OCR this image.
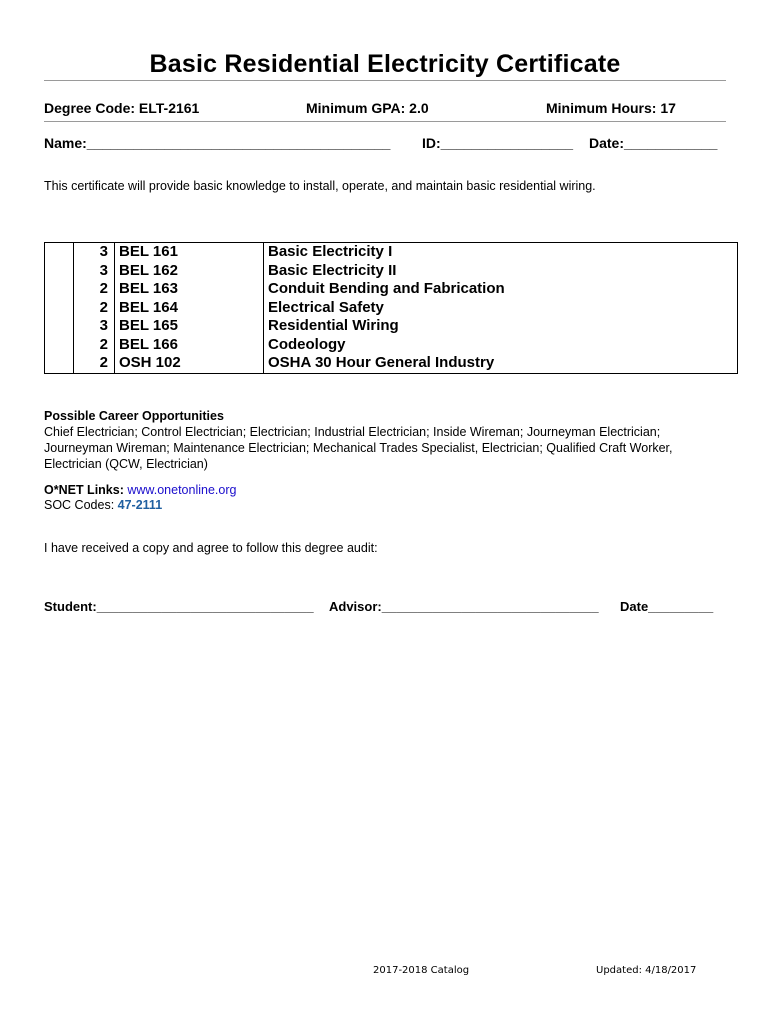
Basic Residential Electricity Certificate
Degree Code: ELT-2161	Minimum GPA: 2.0	Minimum Hours: 17
Name:_______________________________________ ID:_________________ Date:____________
This certificate will provide basic knowledge to install, operate, and maintain basic residential wiring.
	3	BEL 161	Basic Electricity I
	3	BEL 162	Basic Electricity II
	2	BEL 163	Conduit Bending and Fabrication
	2	BEL 164	Electrical Safety
	3	BEL 165	Residential Wiring
	2	BEL 166	Codeology
	2	OSH 102	OSHA 30 Hour General Industry
Possible Career Opportunities
Chief Electrician; Control Electrician; Electrician; Industrial Electrician; Inside Wireman; Journeyman Electrician; Journeyman Wireman; Maintenance Electrician; Mechanical Trades Specialist, Electrician; Qualified Craft Worker, Electrician (QCW, Electrician)
O*NET Links: www.onetonline.org
SOC Codes: 47-2111
I have received a copy and agree to follow this degree audit:
Student:______________________________ Advisor:______________________________ Date_________
2017-2018 Catalog	Updated: 4/18/2017
